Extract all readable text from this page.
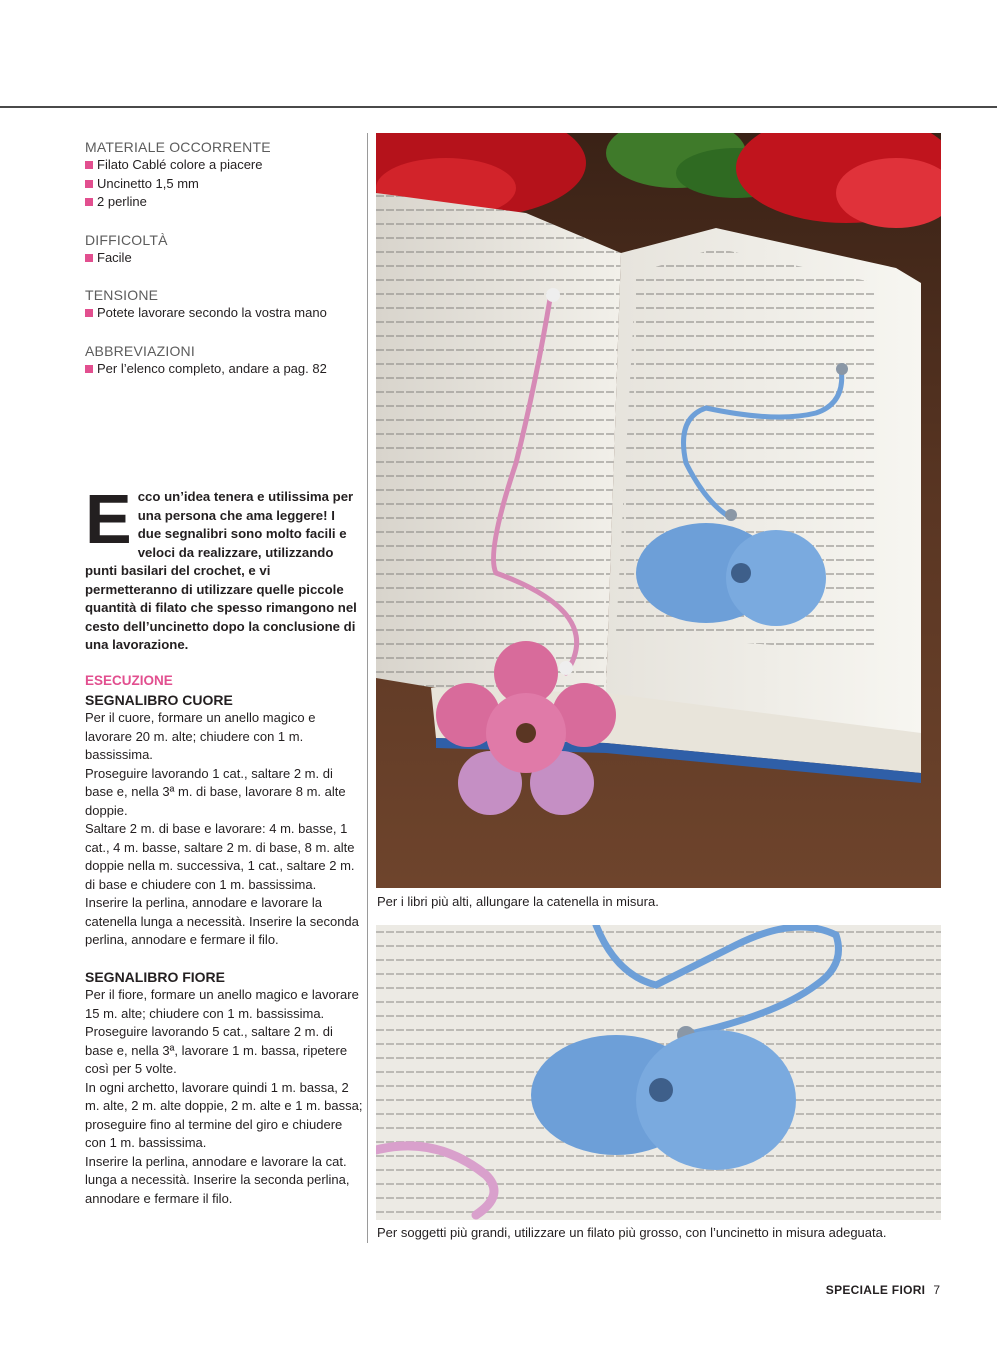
MATERIALE OCCORRENTE

Filato Cablé colore a piacere
Uncinetto 1,5 mm
2 perline

DIFFICOLTÀ

Facile

TENSIONE

Potete lavorare secondo la vostra mano

ABBREVIAZIONI

Per l’elenco completo, andare a pag. 82
Ecco un’idea tenera e utilissima per una persona che ama leggere! I due segnalibri sono molto facili e veloci da realizzare, utilizzando punti basilari del crochet, e vi permetteranno di utilizzare quelle piccole quantità di filato che spesso rimangono nel cesto dell’uncinetto dopo la conclusione di una lavorazione.

ESECUZIONE

SEGNALIBRO CUORE

Per il cuore, formare un anello magico e lavorare 20 m. alte; chiudere con 1 m. bassissima.

Proseguire lavorando 1 cat., saltare 2 m. di base e, nella 3ª m. di base, lavorare 8 m. alte doppie.

Saltare 2 m. di base e lavorare: 4 m. basse, 1 cat., 4 m. basse, saltare 2 m. di base, 8 m. alte doppie nella m. successiva, 1 cat., saltare 2 m. di base e chiudere con 1 m. bassissima.

Inserire la perlina, annodare e lavorare la catenella lunga a necessità. Inserire la seconda perlina, annodare e fermare il filo.

SEGNALIBRO FIORE

Per il fiore, formare un anello magico e lavorare 15 m. alte; chiudere con 1 m. bassissima.

Proseguire lavorando 5 cat., saltare 2 m. di base e, nella 3ª, lavorare 1 m. bassa, ripetere così per 5 volte.

In ogni archetto, lavorare quindi 1 m. bassa, 2 m. alte, 2 m. alte doppie, 2 m. alte e 1 m. bassa; proseguire fino al termine del giro e chiudere con 1 m. bassissima.

Inserire la perlina, annodare e lavorare la cat. lunga a necessità. Inserire la seconda perlina, annodare e fermare il filo.

Per i libri più alti, allungare la catenella in misura.
Per soggetti più grandi, utilizzare un filato più grosso, con l’uncinetto in misura adeguata.
SPECIALE FIORI 7
